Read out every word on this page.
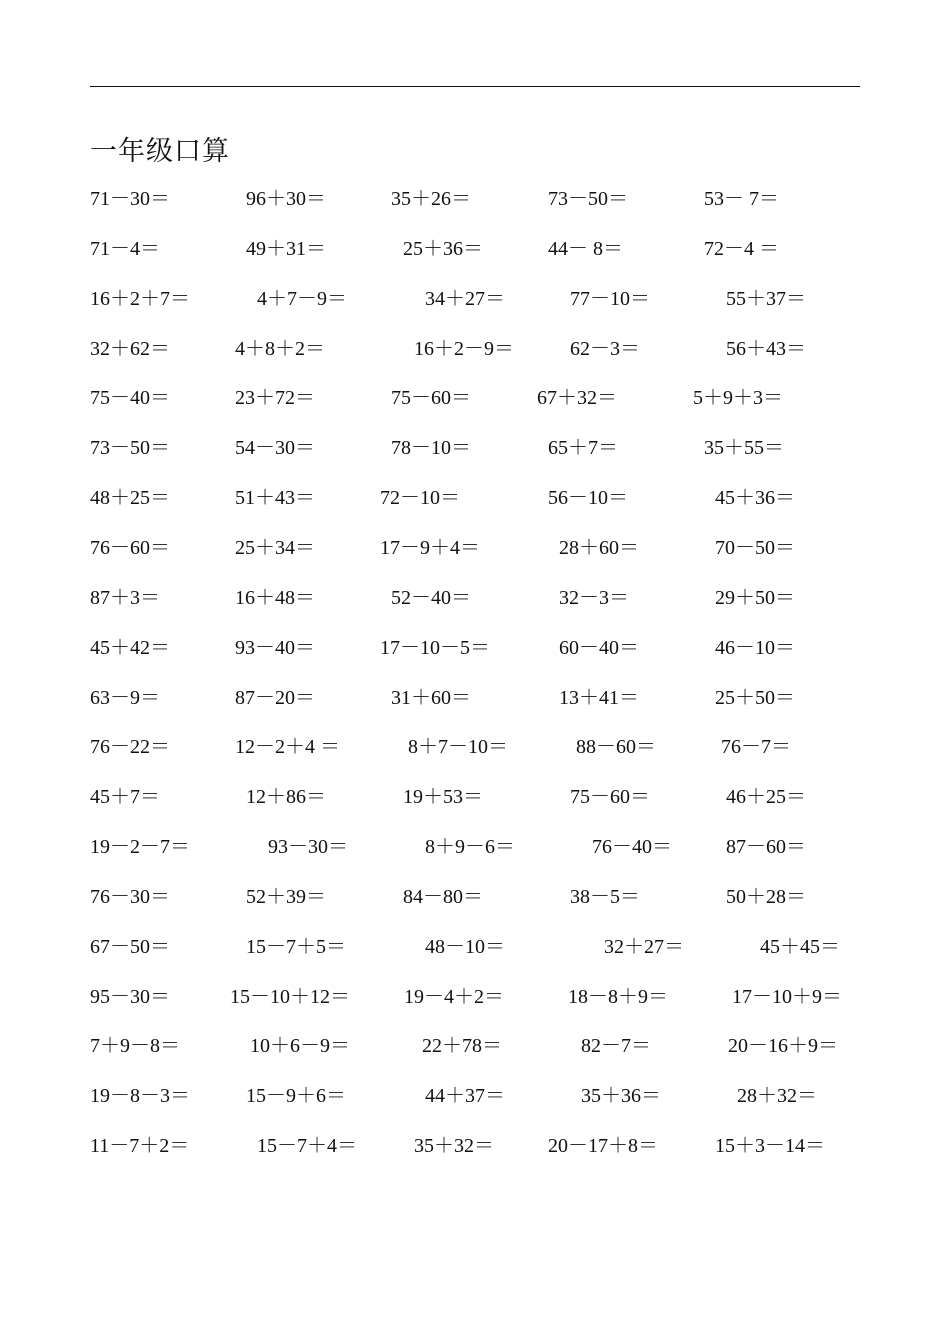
一年级口算
71－30＝	96＋30＝	35＋26＝	73－50＝	53－ 7＝
71－4＝	49＋31＝	25＋36＝	44－ 8＝	72－4 ＝
16＋2＋7＝	4＋7－9＝	34＋27＝	77－10＝	55＋37＝
32＋62＝	4＋8＋2＝	16＋2－9＝	62－3＝	56＋43＝
75－40＝	23＋72＝	75－60＝	67＋32＝	5＋9＋3＝
73－50＝	54－30＝	78－10＝	65＋7＝	35＋55＝
48＋25＝	51＋43＝	72－10＝	56－10＝	45＋36＝
76－60＝	25＋34＝	17－9＋4＝	28＋60＝	70－50＝
87＋3＝	16＋48＝	52－40＝	32－3＝	29＋50＝
45＋42＝	93－40＝	17－10－5＝	60－40＝	46－10＝
63－9＝	87－20＝	31＋60＝	13＋41＝	25＋50＝
76－22＝	12－2＋4 ＝	8＋7－10＝	88－60＝	76－7＝
45＋7＝	12＋86＝	19＋53＝	75－60＝	46＋25＝
19－2－7＝	93－30＝	8＋9－6＝	76－40＝	87－60＝
76－30＝	52＋39＝	84－80＝	38－5＝	50＋28＝
67－50＝	15－7＋5＝	48－10＝	32＋27＝	45＋45＝
95－30＝	15－10＋12＝	19－4＋2＝	18－8＋9＝	17－10＋9＝
7＋9－8＝	10＋6－9＝	22＋78＝	82－7＝	20－16＋9＝
19－8－3＝	15－9＋6＝	44＋37＝	35＋36＝	28＋32＝
11－7＋2＝	15－7＋4＝	35＋32＝	20－17＋8＝	15＋3－14＝
